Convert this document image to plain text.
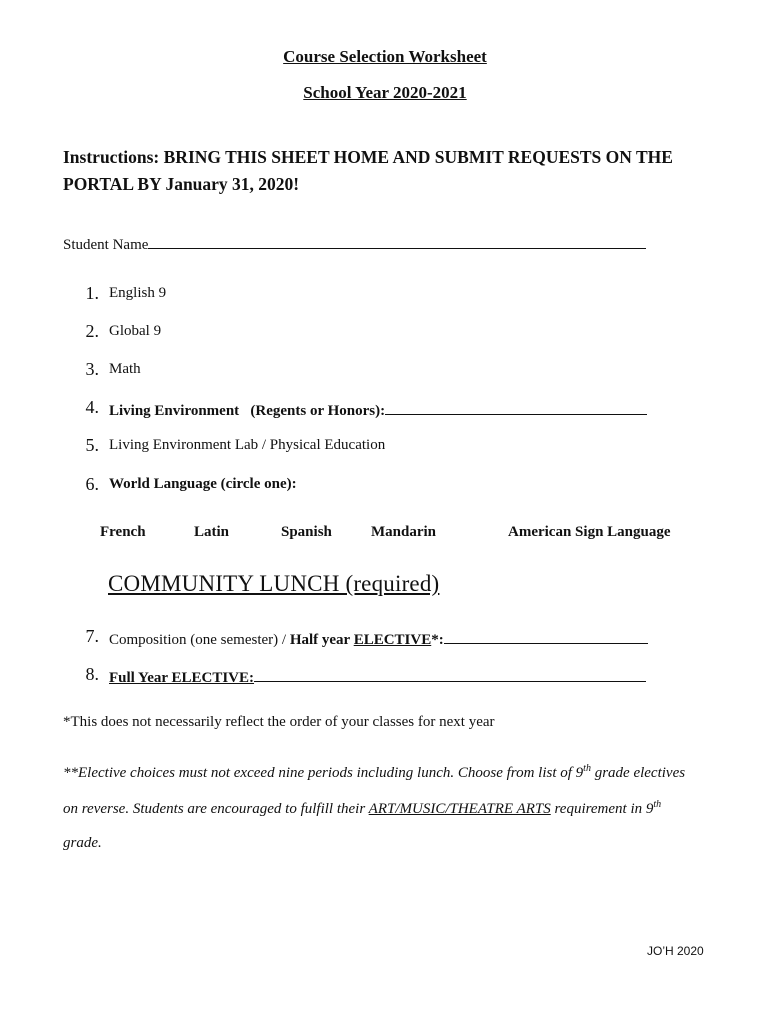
Course Selection Worksheet
School Year 2020-2021
Instructions: BRING THIS SHEET HOME AND SUBMIT REQUESTS ON THE PORTAL BY January 31, 2020!
Student Name
1. English 9
2. Global 9
3. Math
4. Living Environment   (Regents or Honors):
5. Living Environment Lab / Physical Education
6. World Language (circle one):
French	Latin	Spanish	Mandarin	American Sign Language
COMMUNITY LUNCH (required)
7. Composition (one semester) / Half year ELECTIVE*:
8. Full Year ELECTIVE:
*This does not necessarily reflect the order of your classes for next year
**Elective choices must not exceed nine periods including lunch. Choose from list of 9th grade electives
on reverse. Students are encouraged to fulfill their ART/MUSIC/THEATRE ARTS requirement in 9th
grade.
JO’H 2020
